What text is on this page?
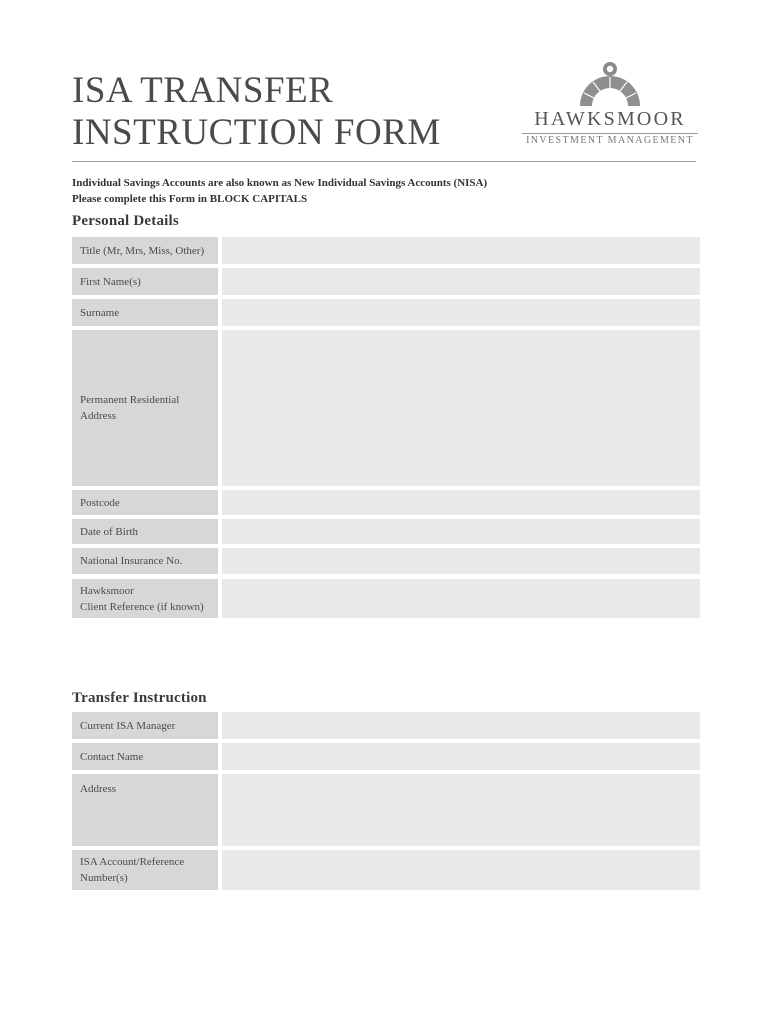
ISA TRANSFER
INSTRUCTION FORM	HAWKSMOOR
INVESTMENT MANAGEMENT
Individual Savings Accounts are also known as New Individual Savings Accounts (NISA)
Please complete this Form in BLOCK CAPITALS
Personal Details
Title (Mr, Mrs, Miss, Other)
First Name(s)
Surname
Permanent Residential
Address
Postcode
Date of Birth
National Insurance No.
Hawksmoor
Client Reference (if known)
Transfer Instruction
Current ISA Manager
Contact Name
Address
ISA Account/Reference
Number(s)
